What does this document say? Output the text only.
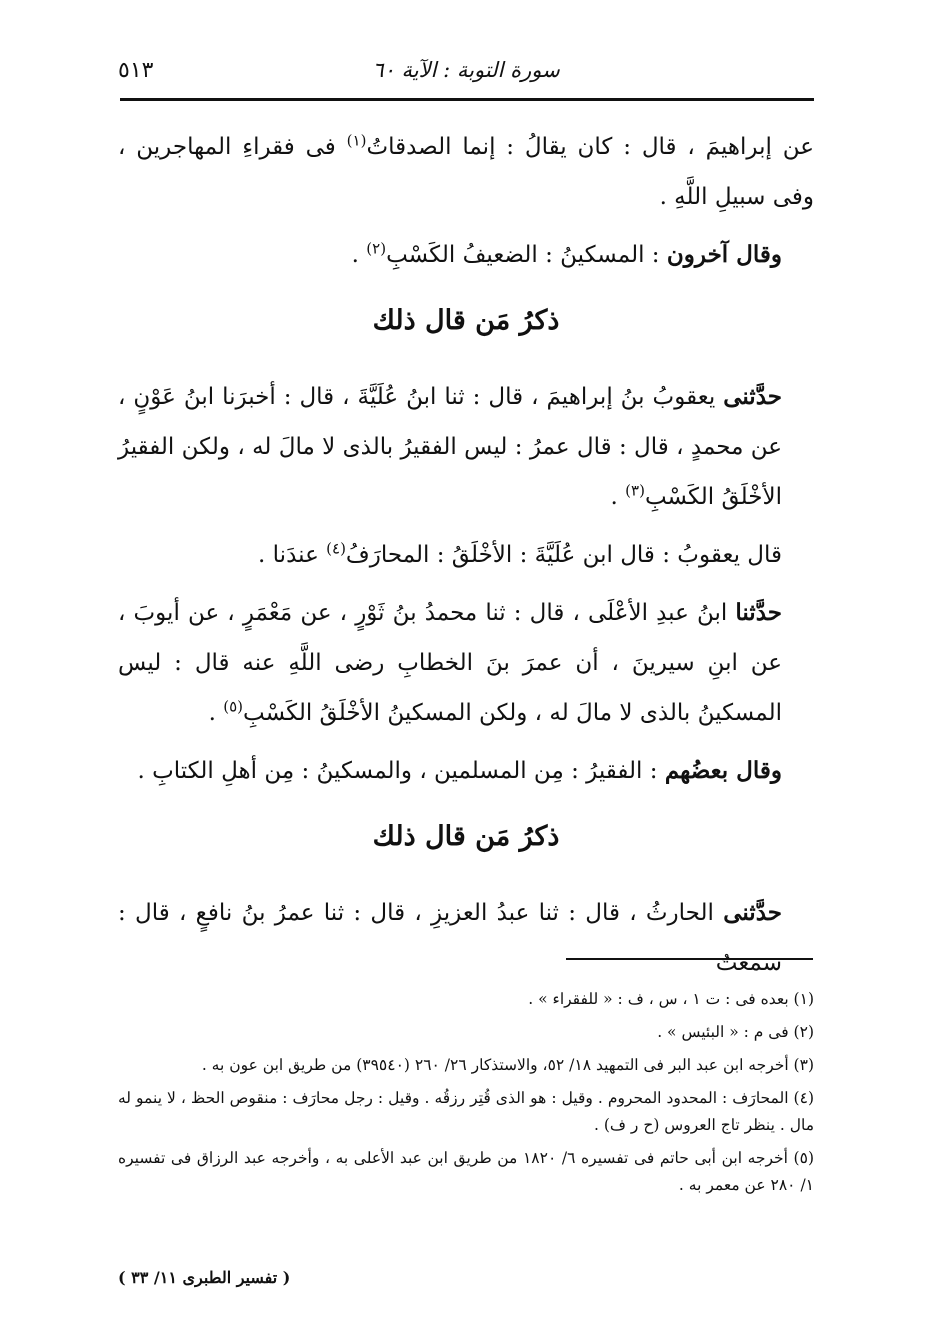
سورة التوبة : الآية ٦٠
٥١٣

عن إبراهيمَ ، قال : كان يقالُ : إنما الصدقاتُ$^{(١)}$ فى فقراءِ المهاجرين ، وفى سبيلِ اللَّهِ .

وقال آخرون : المسكينُ : الضعيفُ الكَسْبِ$^{(٢)}$ .

ذكرُ مَن قال ذلك

حدَّثنى يعقوبُ بنُ إبراهيمَ ، قال : ثنا ابنُ عُلَيَّةَ ، قال : أخبرَنا ابنُ عَوْنٍ ، عن محمدٍ ، قال : قال عمرُ : ليس الفقيرُ بالذى لا مالَ له ، ولكن الفقيرُ الأخْلَقُ الكَسْبِ$^{(٣)}$ .

قال يعقوبُ : قال ابن عُلَيَّةَ : الأخْلَقُ : المحارَفُ$^{(٤)}$ عندَنا .

حدَّثنا ابنُ عبدِ الأعْلَى ، قال : ثنا محمدُ بنُ ثَوْرٍ ، عن مَعْمَرٍ ، عن أيوبَ ، عن ابنِ سيرينَ ، أن عمرَ بنَ الخطابِ رضى اللَّهِ عنه قال : ليس المسكينُ بالذى لا مالَ له ، ولكن المسكينُ الأخْلَقُ الكَسْبِ$^{(٥)}$ .

وقال بعضُهم : الفقيرُ : مِن المسلمين ، والمسكينُ : مِن أهلِ الكتابِ .

ذكرُ مَن قال ذلك

حدَّثنى الحارثُ ، قال : ثنا عبدُ العزيزِ ، قال : ثنا عمرُ بنُ نافعٍ ، قال : سمعتُ

(١) بعده فى : ت ١ ، س ، ف : « للفقراء » .

(٢) فى م : « البئيس » .

(٣) أخرجه ابن عبد البر فى التمهيد ١٨/ ٥٢، والاستذكار ٢٦/ ٢٦٠ (٣٩٥٤٠) من طريق ابن عون به .

(٤) المحارَف : المحدود المحروم . وقيل : هو الذى قُتِر رزقُه . وقيل : رجل محارَف : منقوص الحظ ، لا ينمو له مال . ينظر تاج العروس (ح ر ف) .

(٥) أخرجه ابن أبى حاتم فى تفسيره ٦/ ١٨٢٠ من طريق ابن عبد الأعلى به ، وأخرجه عبد الرزاق فى تفسيره ١/ ٢٨٠ عن معمر به .

( تفسير الطبرى ١١/ ٣٣ )
